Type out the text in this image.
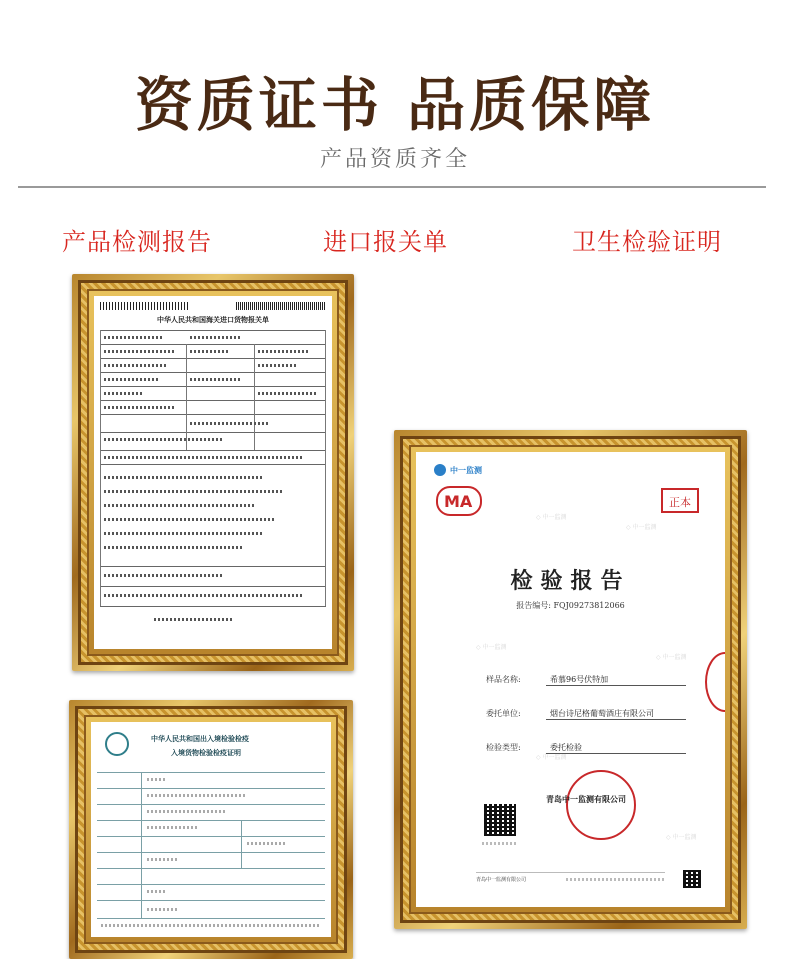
资质证书 品质保障
产品资质齐全
产品检测报告	进口报关单	卫生检验证明
中华人民共和国海关进口货物报关单
中华人民共和国出入境检验检疫
入境货物检验检疫证明
中一监测
MA	正本
◇ 中一监测
◇ 中一监测
◇ 中一监测
◇ 中一监测
◇ 中一监测
◇ 中一监测
检验报告
报告编号: FQJ09273812066
样品名称:	希慕96号伏特加
委托单位:	烟台诗尼格葡萄酒庄有限公司
检验类型:	委托检验
青岛中一监测有限公司
青岛中一监测有限公司
